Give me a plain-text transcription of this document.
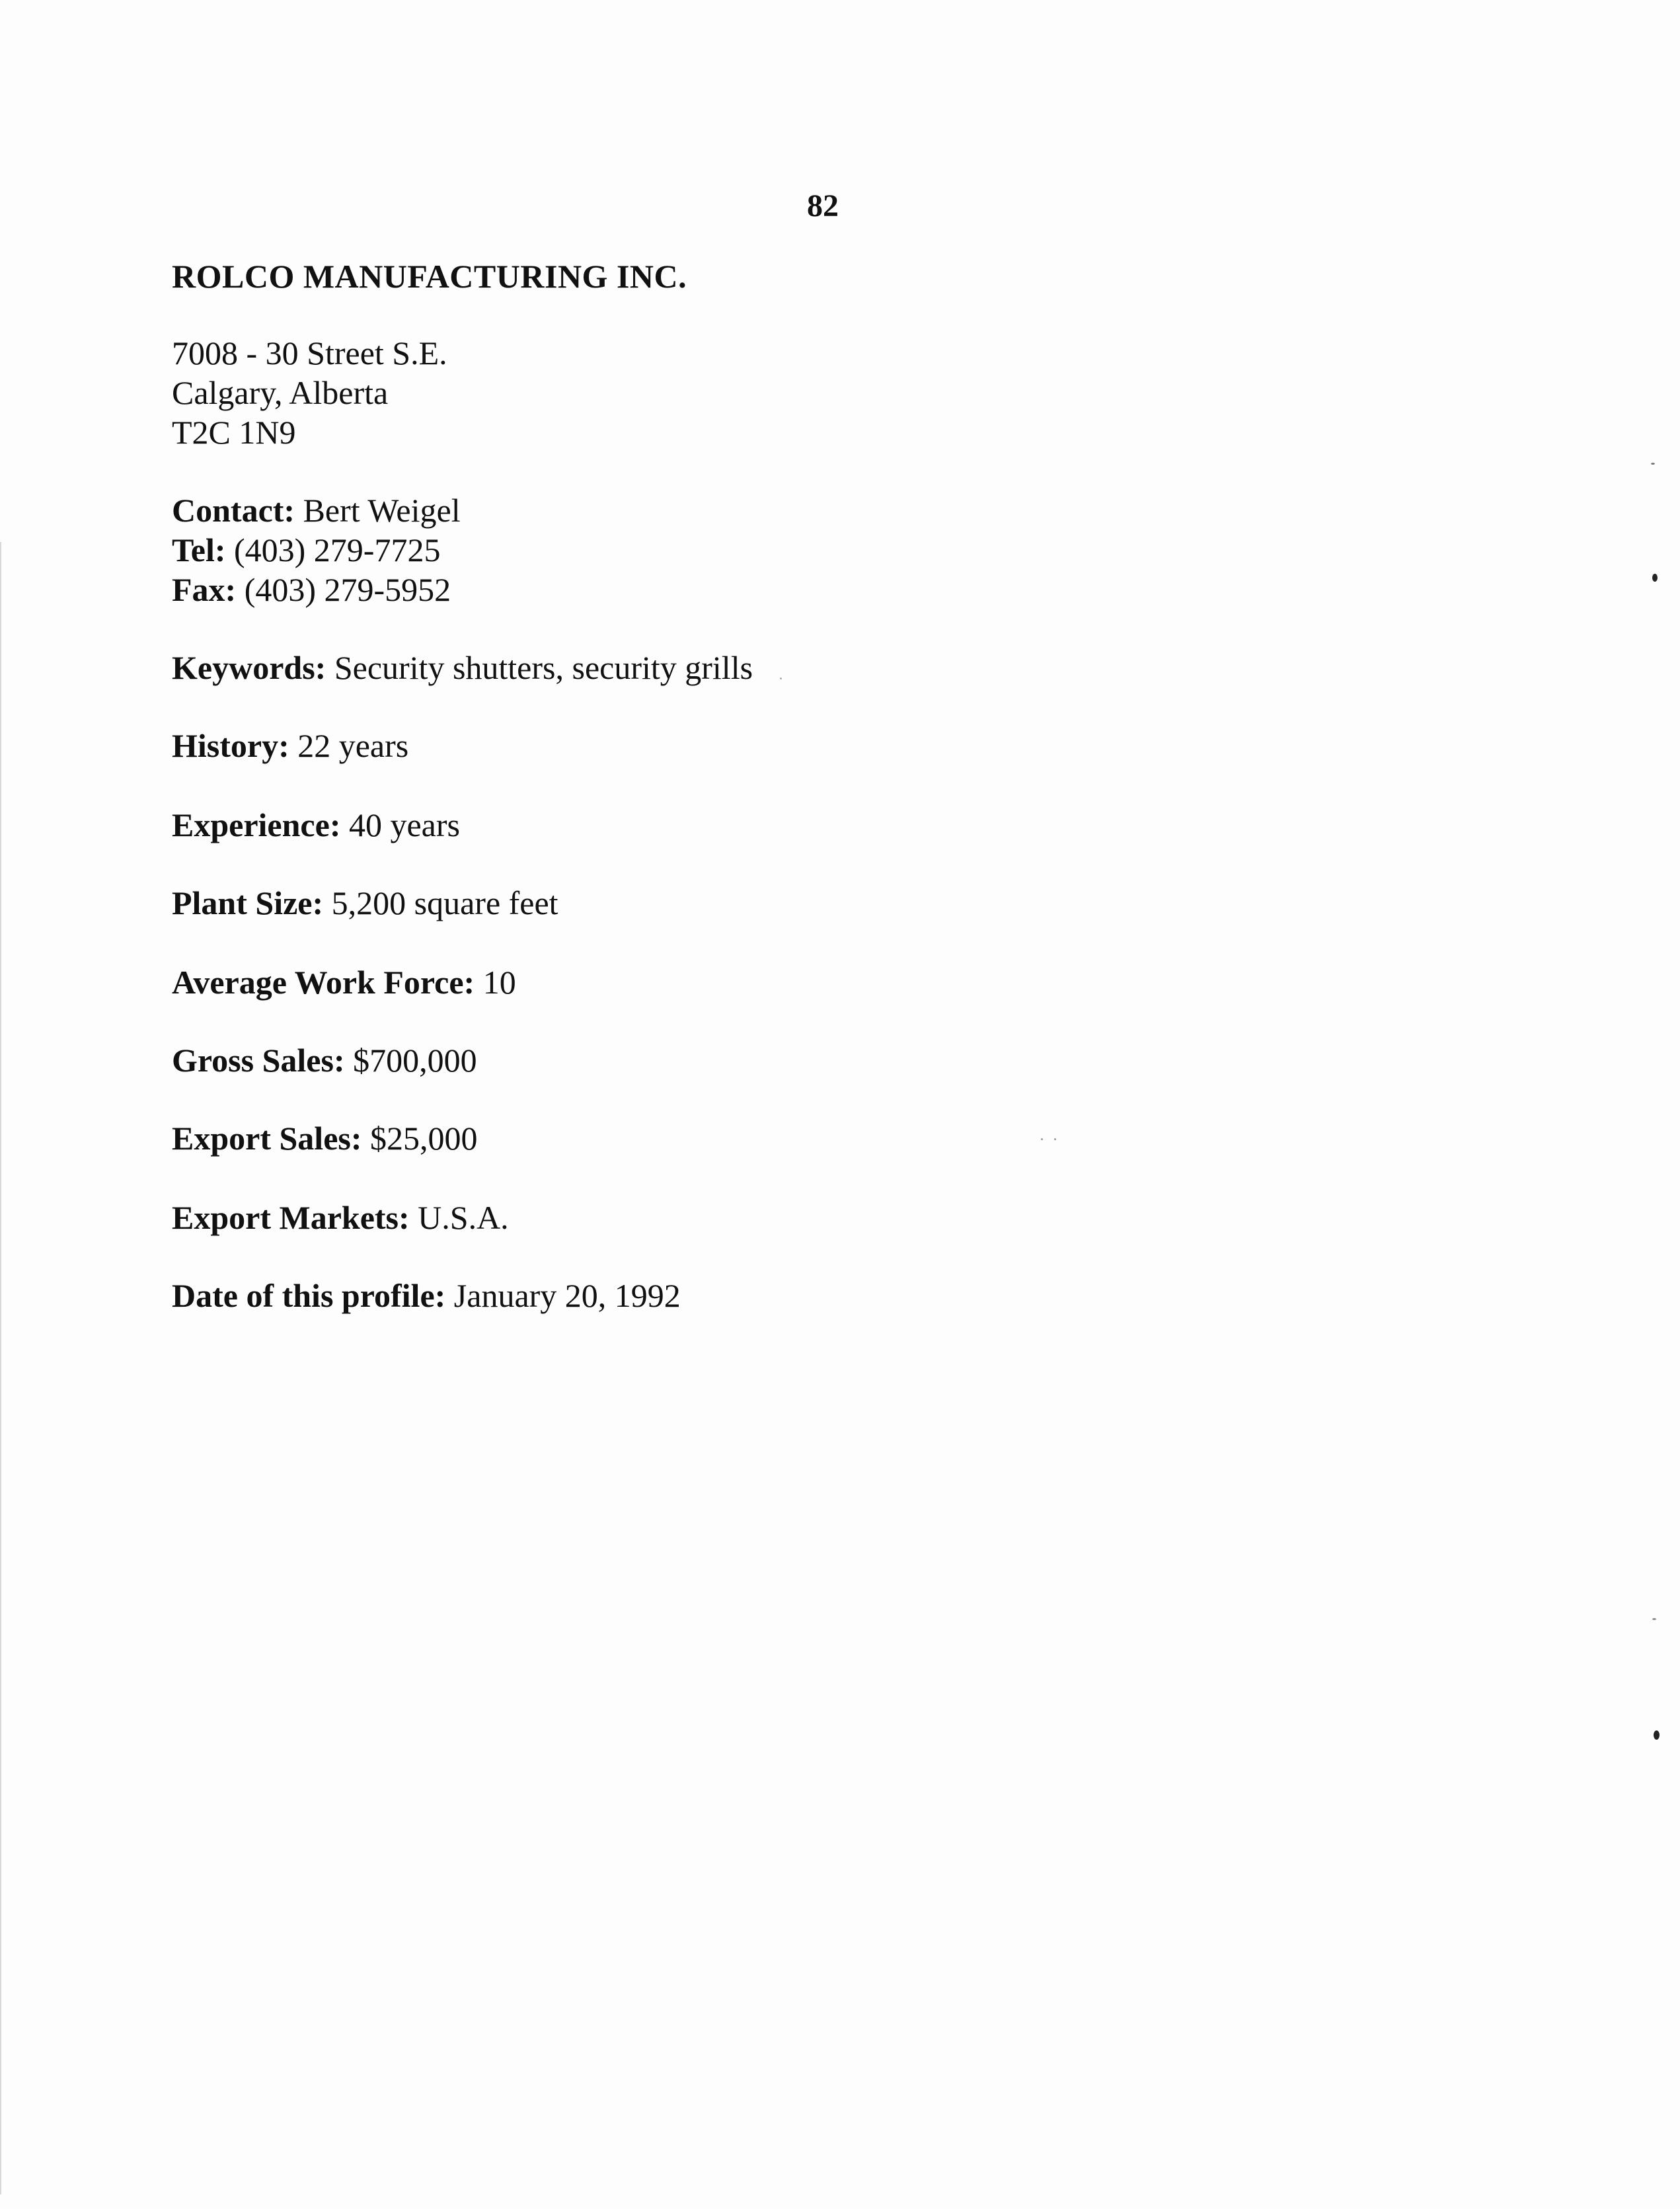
82
ROLCO MANUFACTURING INC.
7008 - 30 Street S.E.
Calgary, Alberta
T2C 1N9
Contact: Bert Weigel
Tel: (403) 279-7725
Fax: (403) 279-5952
Keywords: Security shutters, security grills
History: 22 years
Experience: 40 years
Plant Size: 5,200 square feet
Average Work Force: 10
Gross Sales: $700,000
Export Sales: $25,000
Export Markets: U.S.A.
Date of this profile: January 20, 1992
